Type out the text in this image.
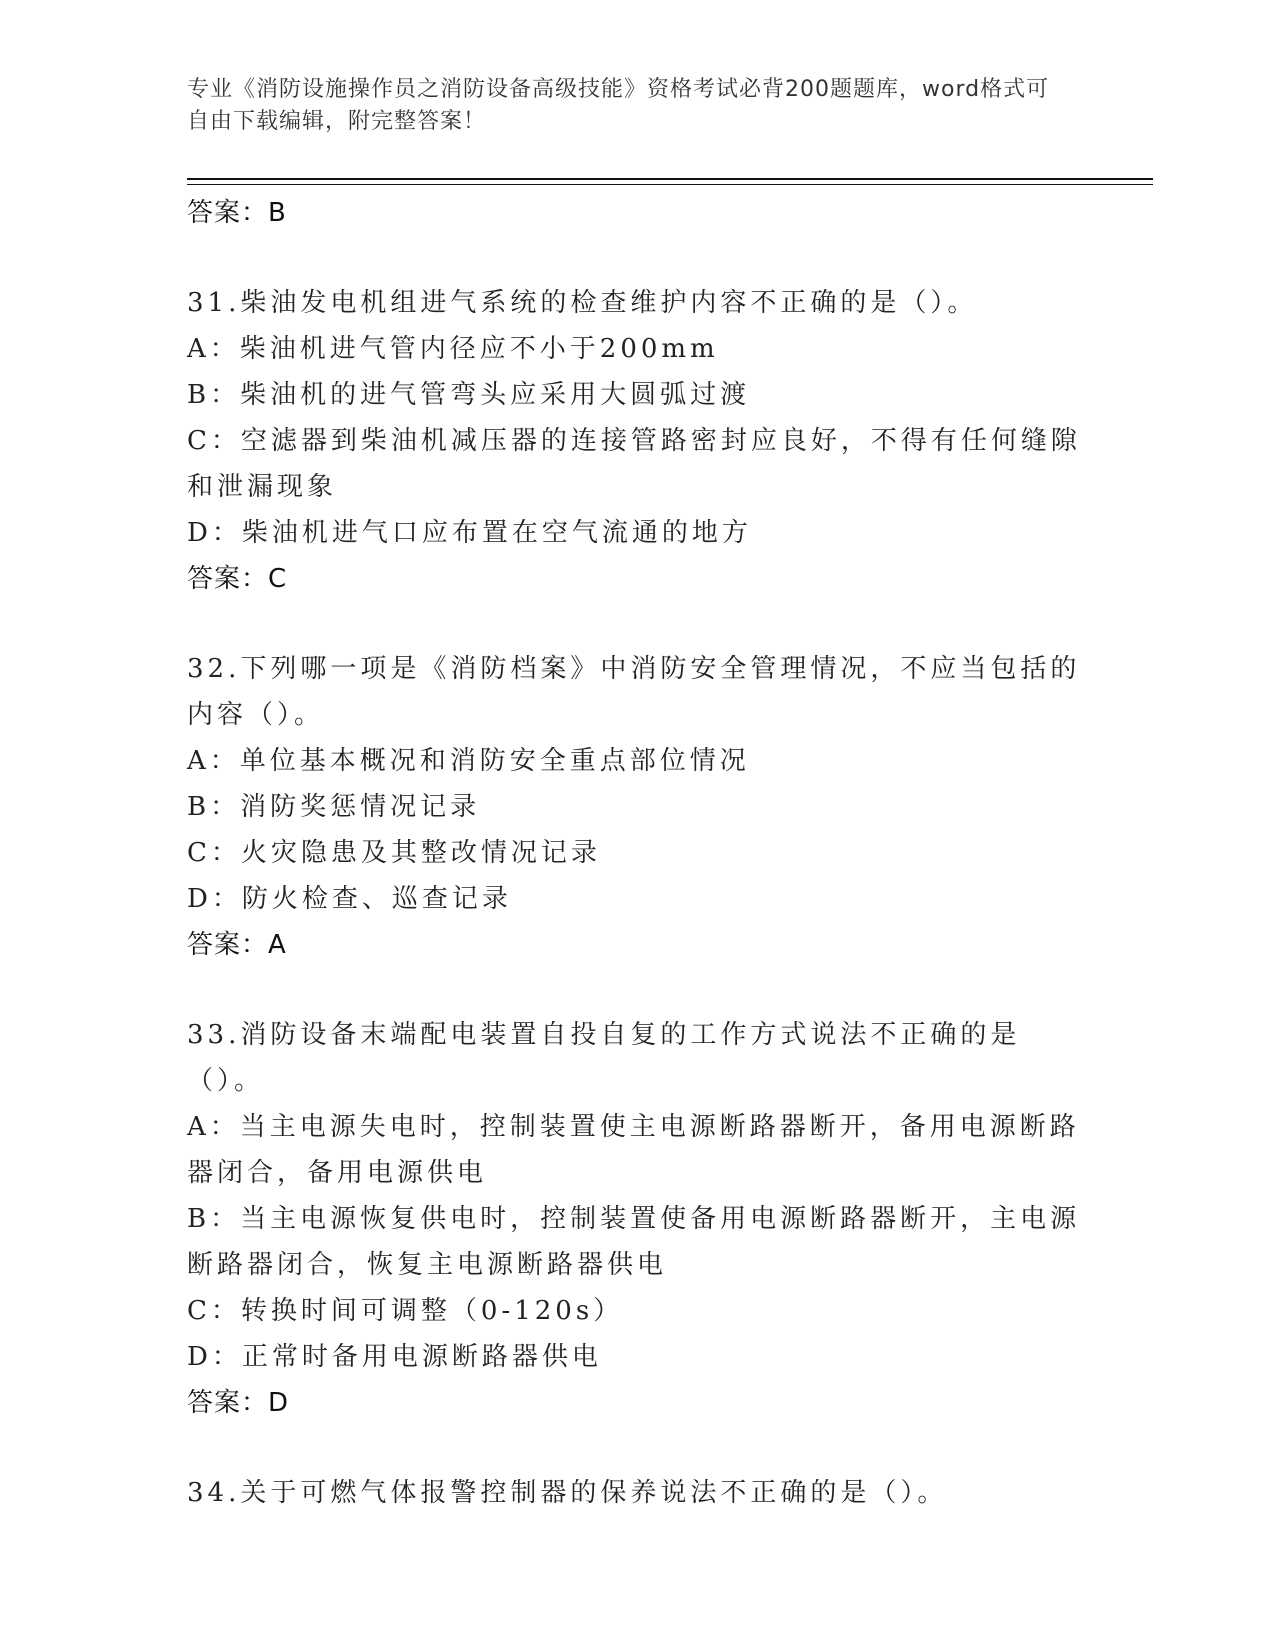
专业《消防设施操作员之消防设备高级技能》资格考试必背200题题库，word格式可自由下载编辑，附完整答案！
答案：B

31.柴油发电机组进气系统的检查维护内容不正确的是（）。

A：柴油机进气管内径应不小于200mm
B：柴油机的进气管弯头应采用大圆弧过渡
C：空滤器到柴油机减压器的连接管路密封应良好，不得有任何缝隙和泄漏现象
D：柴油机进气口应布置在空气流通的地方
答案：C

32.下列哪一项是《消防档案》中消防安全管理情况，不应当包括的内容（）。

A：单位基本概况和消防安全重点部位情况
B：消防奖惩情况记录
C：火灾隐患及其整改情况记录
D：防火检查、巡查记录
答案：A

33.消防设备末端配电装置自投自复的工作方式说法不正确的是（）。

A：当主电源失电时，控制装置使主电源断路器断开，备用电源断路器闭合，备用电源供电
B：当主电源恢复供电时，控制装置使备用电源断路器断开，主电源断路器闭合，恢复主电源断路器供电
C：转换时间可调整（0-120s）
D：正常时备用电源断路器供电
答案：D

34.关于可燃气体报警控制器的保养说法不正确的是（）。
